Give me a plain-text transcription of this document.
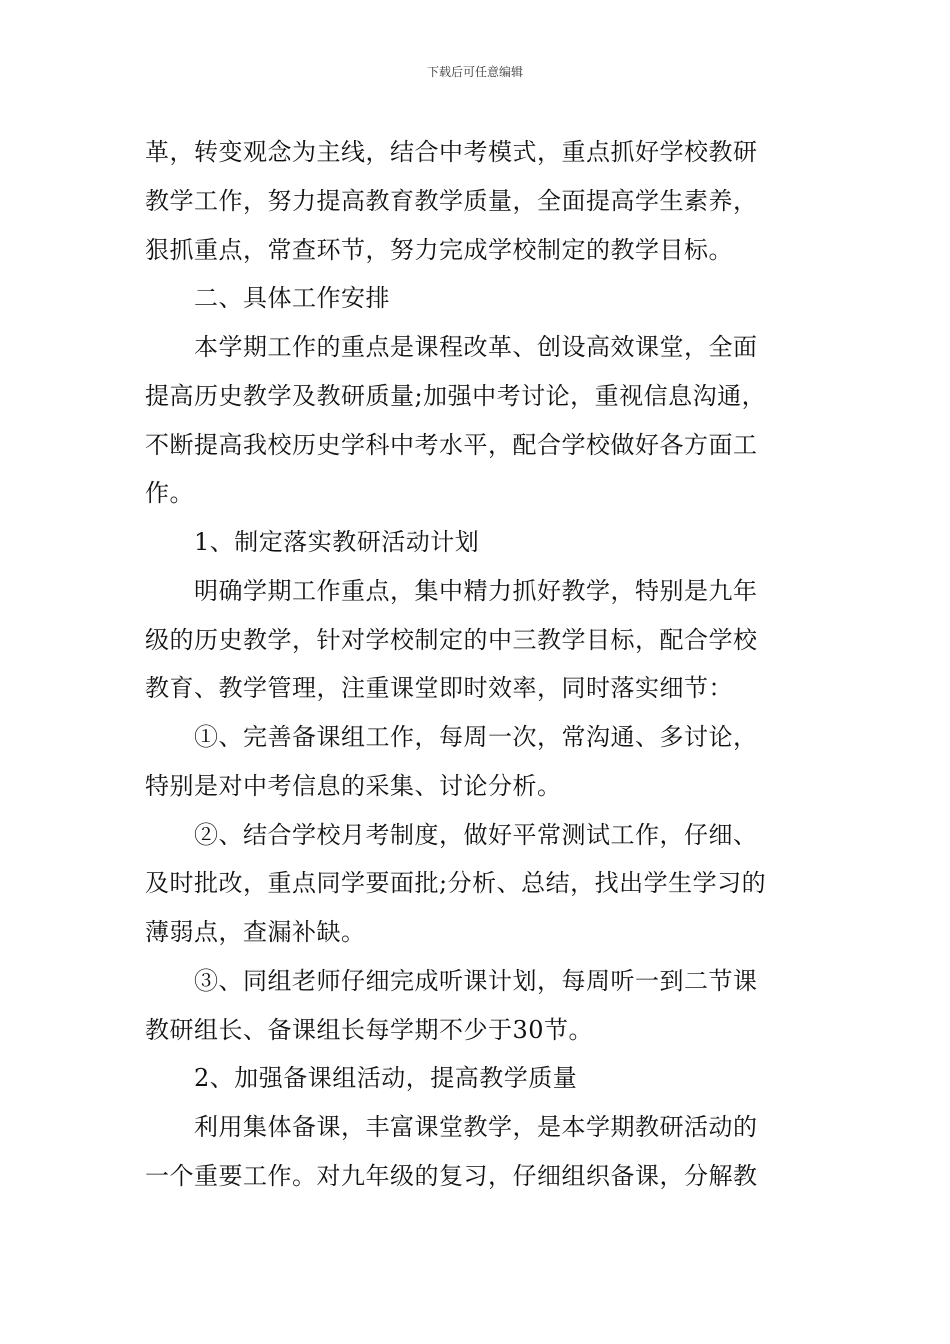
下载后可任意编辑
革，转变观念为主线，结合中考模式，重点抓好学校教研
教学工作，努力提高教育教学质量，全面提高学生素养，
狠抓重点，常查环节，努力完成学校制定的教学目标。
二、具体工作安排
本学期工作的重点是课程改革、创设高效课堂，全面
提高历史教学及教研质量;加强中考讨论，重视信息沟通，
不断提高我校历史学科中考水平，配合学校做好各方面工
作。
1、制定落实教研活动计划
明确学期工作重点，集中精力抓好教学，特别是九年
级的历史教学，针对学校制定的中三教学目标，配合学校
教育、教学管理，注重课堂即时效率，同时落实细节：
①、完善备课组工作，每周一次，常沟通、多讨论，
特别是对中考信息的采集、讨论分析。
②、结合学校月考制度，做好平常测试工作，仔细、
及时批改，重点同学要面批;分析、总结，找出学生学习的
薄弱点，查漏补缺。
③、同组老师仔细完成听课计划，每周听一到二节课
教研组长、备课组长每学期不少于30节。
2、加强备课组活动，提高教学质量
利用集体备课，丰富课堂教学，是本学期教研活动的
一个重要工作。对九年级的复习，仔细组织备课，分解教
